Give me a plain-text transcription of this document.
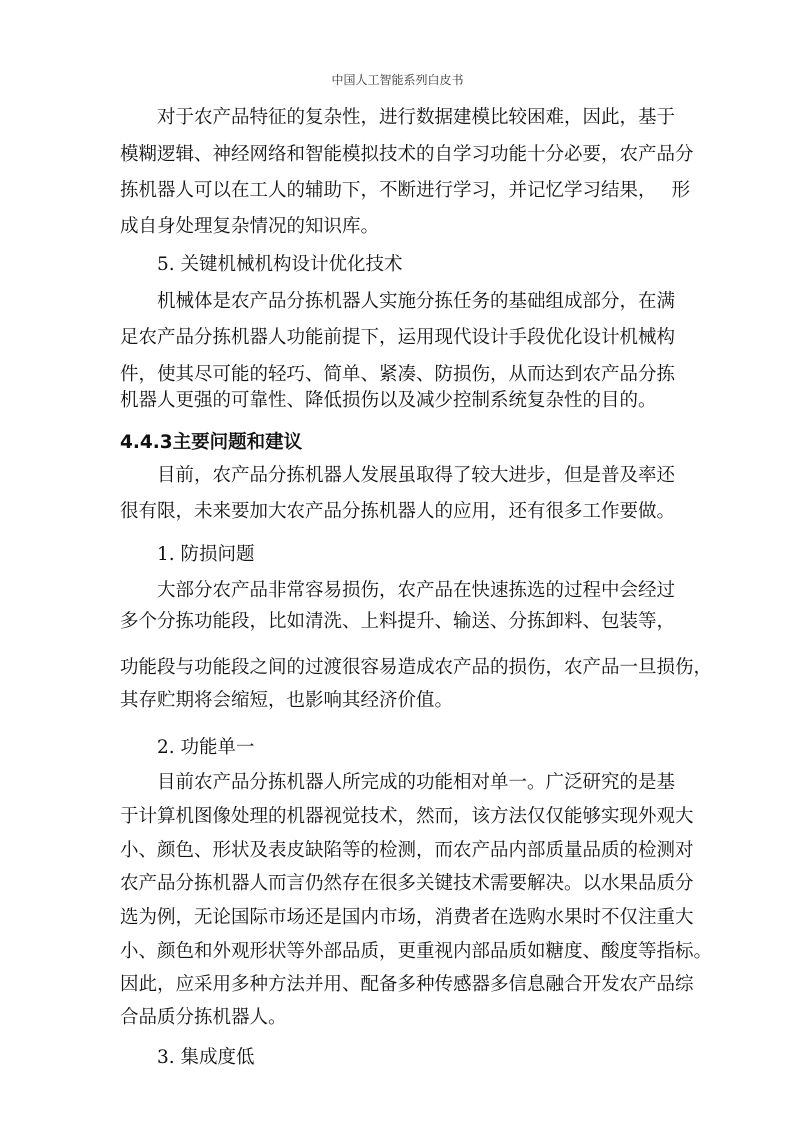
中国人工智能系列白皮书
对于农产品特征的复杂性，进行数据建模比较困难，因此，基于
模糊逻辑、神经网络和智能模拟技术的自学习功能十分必要，农产品分
拣机器人可以在工人的辅助下，不断进行学习，并记忆学习结果，　 形
成自身处理复杂情况的知识库。
5. 关键机械机构设计优化技术
机械体是农产品分拣机器人实施分拣任务的基础组成部分，在满
足农产品分拣机器人功能前提下，运用现代设计手段优化设计机械构
件，使其尽可能的轻巧、简单、紧凑、防损伤，从而达到农产品分拣
机器人更强的可靠性、降低损伤以及减少控制系统复杂性的目的。
4.4.3主要问题和建议
目前，农产品分拣机器人发展虽取得了较大进步，但是普及率还
很有限，未来要加大农产品分拣机器人的应用，还有很多工作要做。
1. 防损问题
大部分农产品非常容易损伤，农产品在快速拣选的过程中会经过
多个分拣功能段，比如清洗、上料提升、输送、分拣卸料、包装等，
功能段与功能段之间的过渡很容易造成农产品的损伤，农产品一旦损伤，
其存贮期将会缩短，也影响其经济价值。
2. 功能单一
目前农产品分拣机器人所完成的功能相对单一。广泛研究的是基
于计算机图像处理的机器视觉技术，然而，该方法仅仅能够实现外观大
小、颜色、形状及表皮缺陷等的检测，而农产品内部质量品质的检测对
农产品分拣机器人而言仍然存在很多关键技术需要解决。以水果品质分
选为例，无论国际市场还是国内市场，消费者在选购水果时不仅注重大
小、颜色和外观形状等外部品质，更重视内部品质如糖度、酸度等指标。
因此，应采用多种方法并用、配备多种传感器多信息融合开发农产品综
合品质分拣机器人。
3. 集成度低
